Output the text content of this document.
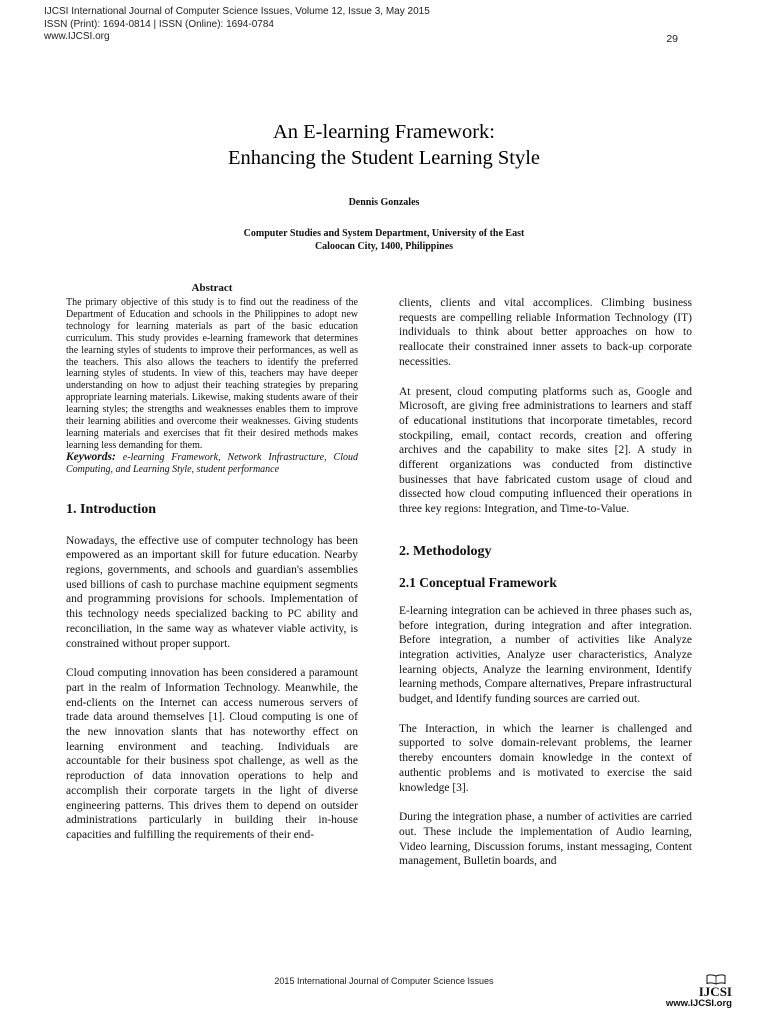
IJCSI International Journal of Computer Science Issues, Volume 12, Issue 3, May 2015
ISSN (Print): 1694-0814 | ISSN (Online): 1694-0784
www.IJCSI.org	29
An E-learning Framework:
Enhancing the Student Learning Style
Dennis Gonzales
Computer Studies and System Department, University of the East
Caloocan City, 1400, Philippines
Abstract

The primary objective of this study is to find out the readiness of the Department of Education and schools in the Philippines to adopt new technology for learning materials as part of the basic education curriculum. This study provides e-learning framework that determines the learning styles of students to improve their performances, as well as the teachers. This also allows the teachers to identify the preferred learning styles of students. In view of this, teachers may have deeper understanding on how to adjust their teaching strategies by preparing appropriate learning materials. Likewise, making students aware of their learning styles; the strengths and weaknesses enables them to improve their learning abilities and overcome their weaknesses. Giving students learning materials and exercises that fit their desired methods makes learning less demanding for them.

Keywords: e-learning Framework, Network Infrastructure, Cloud Computing, and Learning Style, student performance

1. Introduction

Nowadays, the effective use of computer technology has been empowered as an important skill for future education. Nearby regions, governments, and schools and guardian's assemblies used billions of cash to purchase machine equipment segments and programming provisions for schools. Implementation of this technology needs specialized backing to PC ability and reconciliation, in the same way as whatever viable activity, is constrained without proper support.

Cloud computing innovation has been considered a paramount part in the realm of Information Technology. Meanwhile, the end-clients on the Internet can access numerous servers of trade data around themselves [1]. Cloud computing is one of the new innovation slants that has noteworthy effect on learning environment and teaching. Individuals are accountable for their business spot challenge, as well as the reproduction of data innovation operations to help and accomplish their corporate targets in the light of diverse engineering patterns. This drives them to depend on outsider administrations particularly in building their in-house capacities and fulfilling the requirements of their end-

clients, clients and vital accomplices. Climbing business requests are compelling reliable Information Technology (IT) individuals to think about better approaches on how to reallocate their constrained inner assets to back-up corporate necessities.

At present, cloud computing platforms such as, Google and Microsoft, are giving free administrations to learners and staff of educational institutions that incorporate timetables, record stockpiling, email, contact records, creation and offering archives and the capability to make sites [2]. A study in different organizations was conducted from distinctive businesses that have fabricated custom usage of cloud and dissected how cloud computing influenced their operations in three key regions: Integration, and Time-to-Value.

2. Methodology
2.1 Conceptual Framework

E-learning integration can be achieved in three phases such as, before integration, during integration and after integration. Before integration, a number of activities like Analyze integration activities, Analyze user characteristics, Analyze learning objects, Analyze the learning environment, Identify learning methods, Compare alternatives, Prepare infrastructural budget, and Identify funding sources are carried out.

The Interaction, in which the learner is challenged and supported to solve domain-relevant problems, the learner thereby encounters domain knowledge in the context of authentic problems and is motivated to exercise the said knowledge [3].

During the integration phase, a number of activities are carried out. These include the implementation of Audio learning, Video learning, Discussion forums, instant messaging, Content management, Bulletin boards, and

2015 International Journal of Computer Science Issues
IJCSI
www.IJCSI.org
